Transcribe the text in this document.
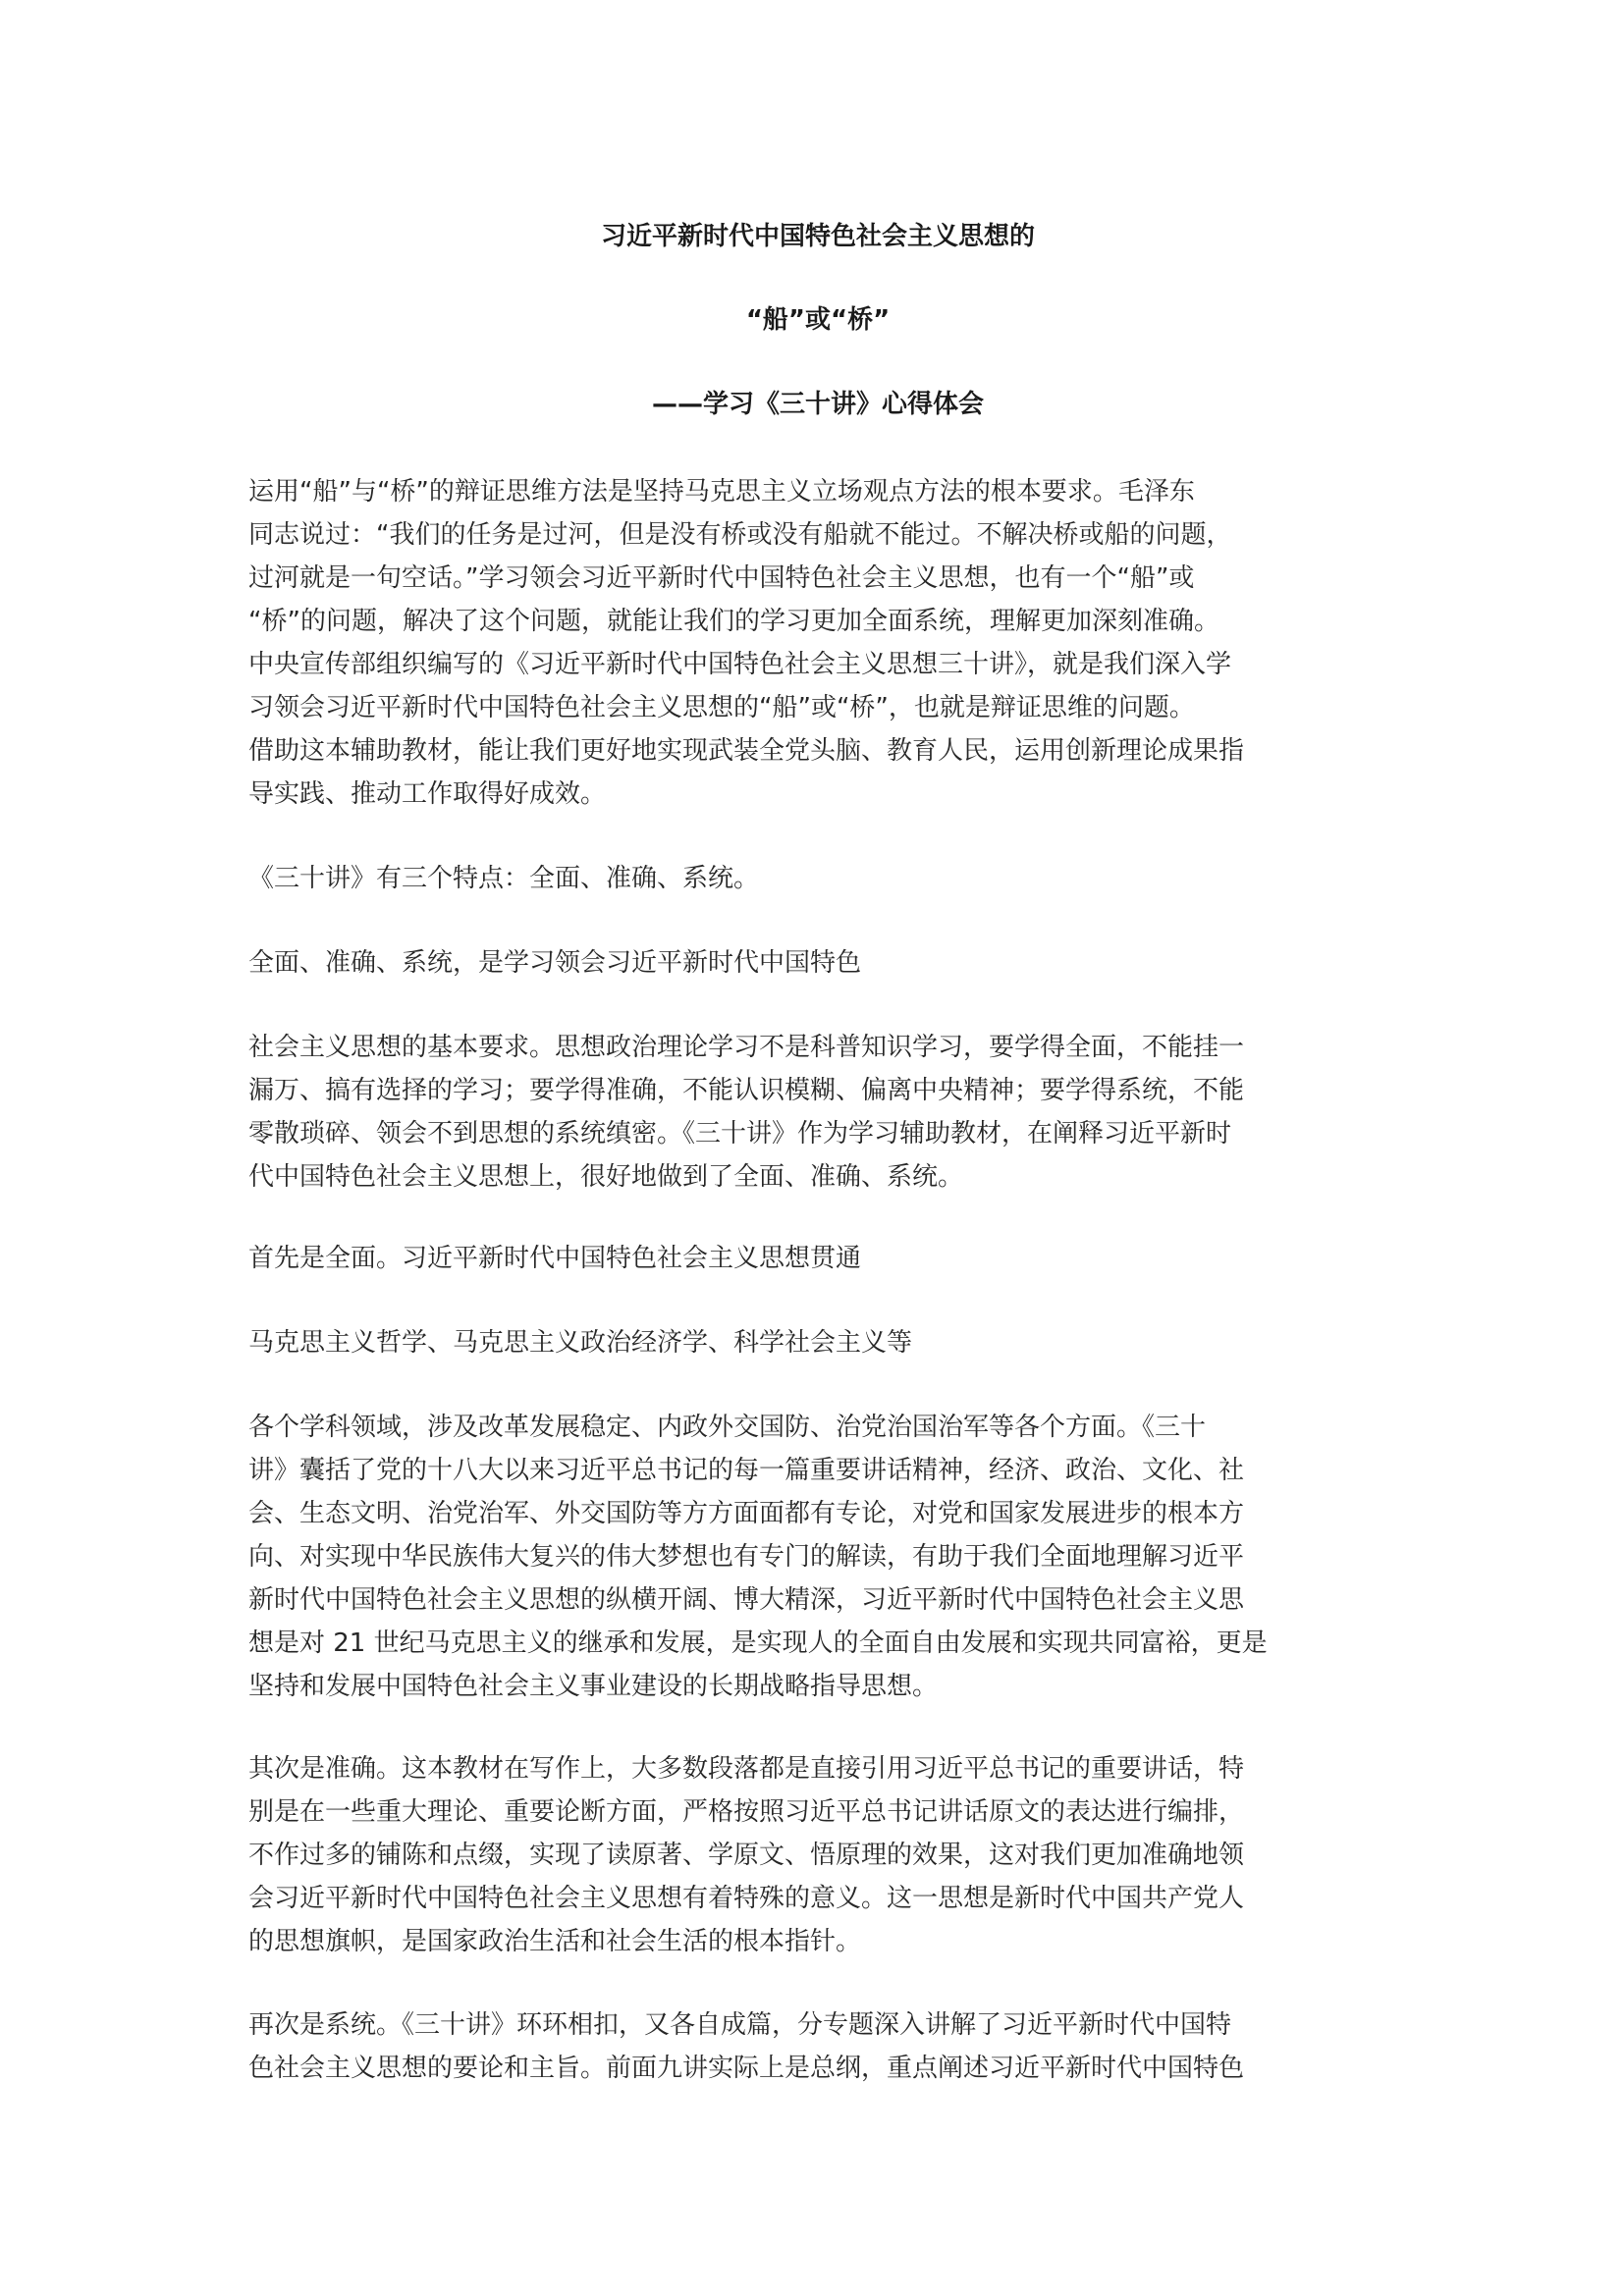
习近平新时代中国特色社会主义思想的
“船”或“桥”
——学习《三十讲》心得体会

运用“船”与“桥”的辩证思维方法是坚持马克思主义立场观点方法的根本要求。毛泽东
同志说过：“我们的任务是过河，但是没有桥或没有船就不能过。不解决桥或船的问题，
过河就是一句空话。”学习领会习近平新时代中国特色社会主义思想，也有一个“船”或
“桥”的问题，解决了这个问题，就能让我们的学习更加全面系统，理解更加深刻准确。
中央宣传部组织编写的《习近平新时代中国特色社会主义思想三十讲》，就是我们深入学
习领会习近平新时代中国特色社会主义思想的“船”或“桥”，也就是辩证思维的问题。
借助这本辅助教材，能让我们更好地实现武装全党头脑、教育人民，运用创新理论成果指
导实践、推动工作取得好成效。

《三十讲》有三个特点：全面、准确、系统。

全面、准确、系统，是学习领会习近平新时代中国特色

社会主义思想的基本要求。思想政治理论学习不是科普知识学习，要学得全面，不能挂一
漏万、搞有选择的学习；要学得准确，不能认识模糊、偏离中央精神；要学得系统，不能
零散琐碎、领会不到思想的系统缜密。《三十讲》作为学习辅助教材，在阐释习近平新时
代中国特色社会主义思想上，很好地做到了全面、准确、系统。

首先是全面。习近平新时代中国特色社会主义思想贯通

马克思主义哲学、马克思主义政治经济学、科学社会主义等

各个学科领域，涉及改革发展稳定、内政外交国防、治党治国治军等各个方面。《三十
讲》囊括了党的十八大以来习近平总书记的每一篇重要讲话精神，经济、政治、文化、社
会、生态文明、治党治军、外交国防等方方面面都有专论，对党和国家发展进步的根本方
向、对实现中华民族伟大复兴的伟大梦想也有专门的解读，有助于我们全面地理解习近平
新时代中国特色社会主义思想的纵横开阔、博大精深，习近平新时代中国特色社会主义思
想是对 21 世纪马克思主义的继承和发展，是实现人的全面自由发展和实现共同富裕，更是
坚持和发展中国特色社会主义事业建设的长期战略指导思想。

其次是准确。这本教材在写作上，大多数段落都是直接引用习近平总书记的重要讲话，特
别是在一些重大理论、重要论断方面，严格按照习近平总书记讲话原文的表达进行编排，
不作过多的铺陈和点缀，实现了读原著、学原文、悟原理的效果，这对我们更加准确地领
会习近平新时代中国特色社会主义思想有着特殊的意义。这一思想是新时代中国共产党人
的思想旗帜，是国家政治生活和社会生活的根本指针。

再次是系统。《三十讲》环环相扣，又各自成篇，分专题深入讲解了习近平新时代中国特
色社会主义思想的要论和主旨。前面九讲实际上是总纲，重点阐述习近平新时代中国特色
